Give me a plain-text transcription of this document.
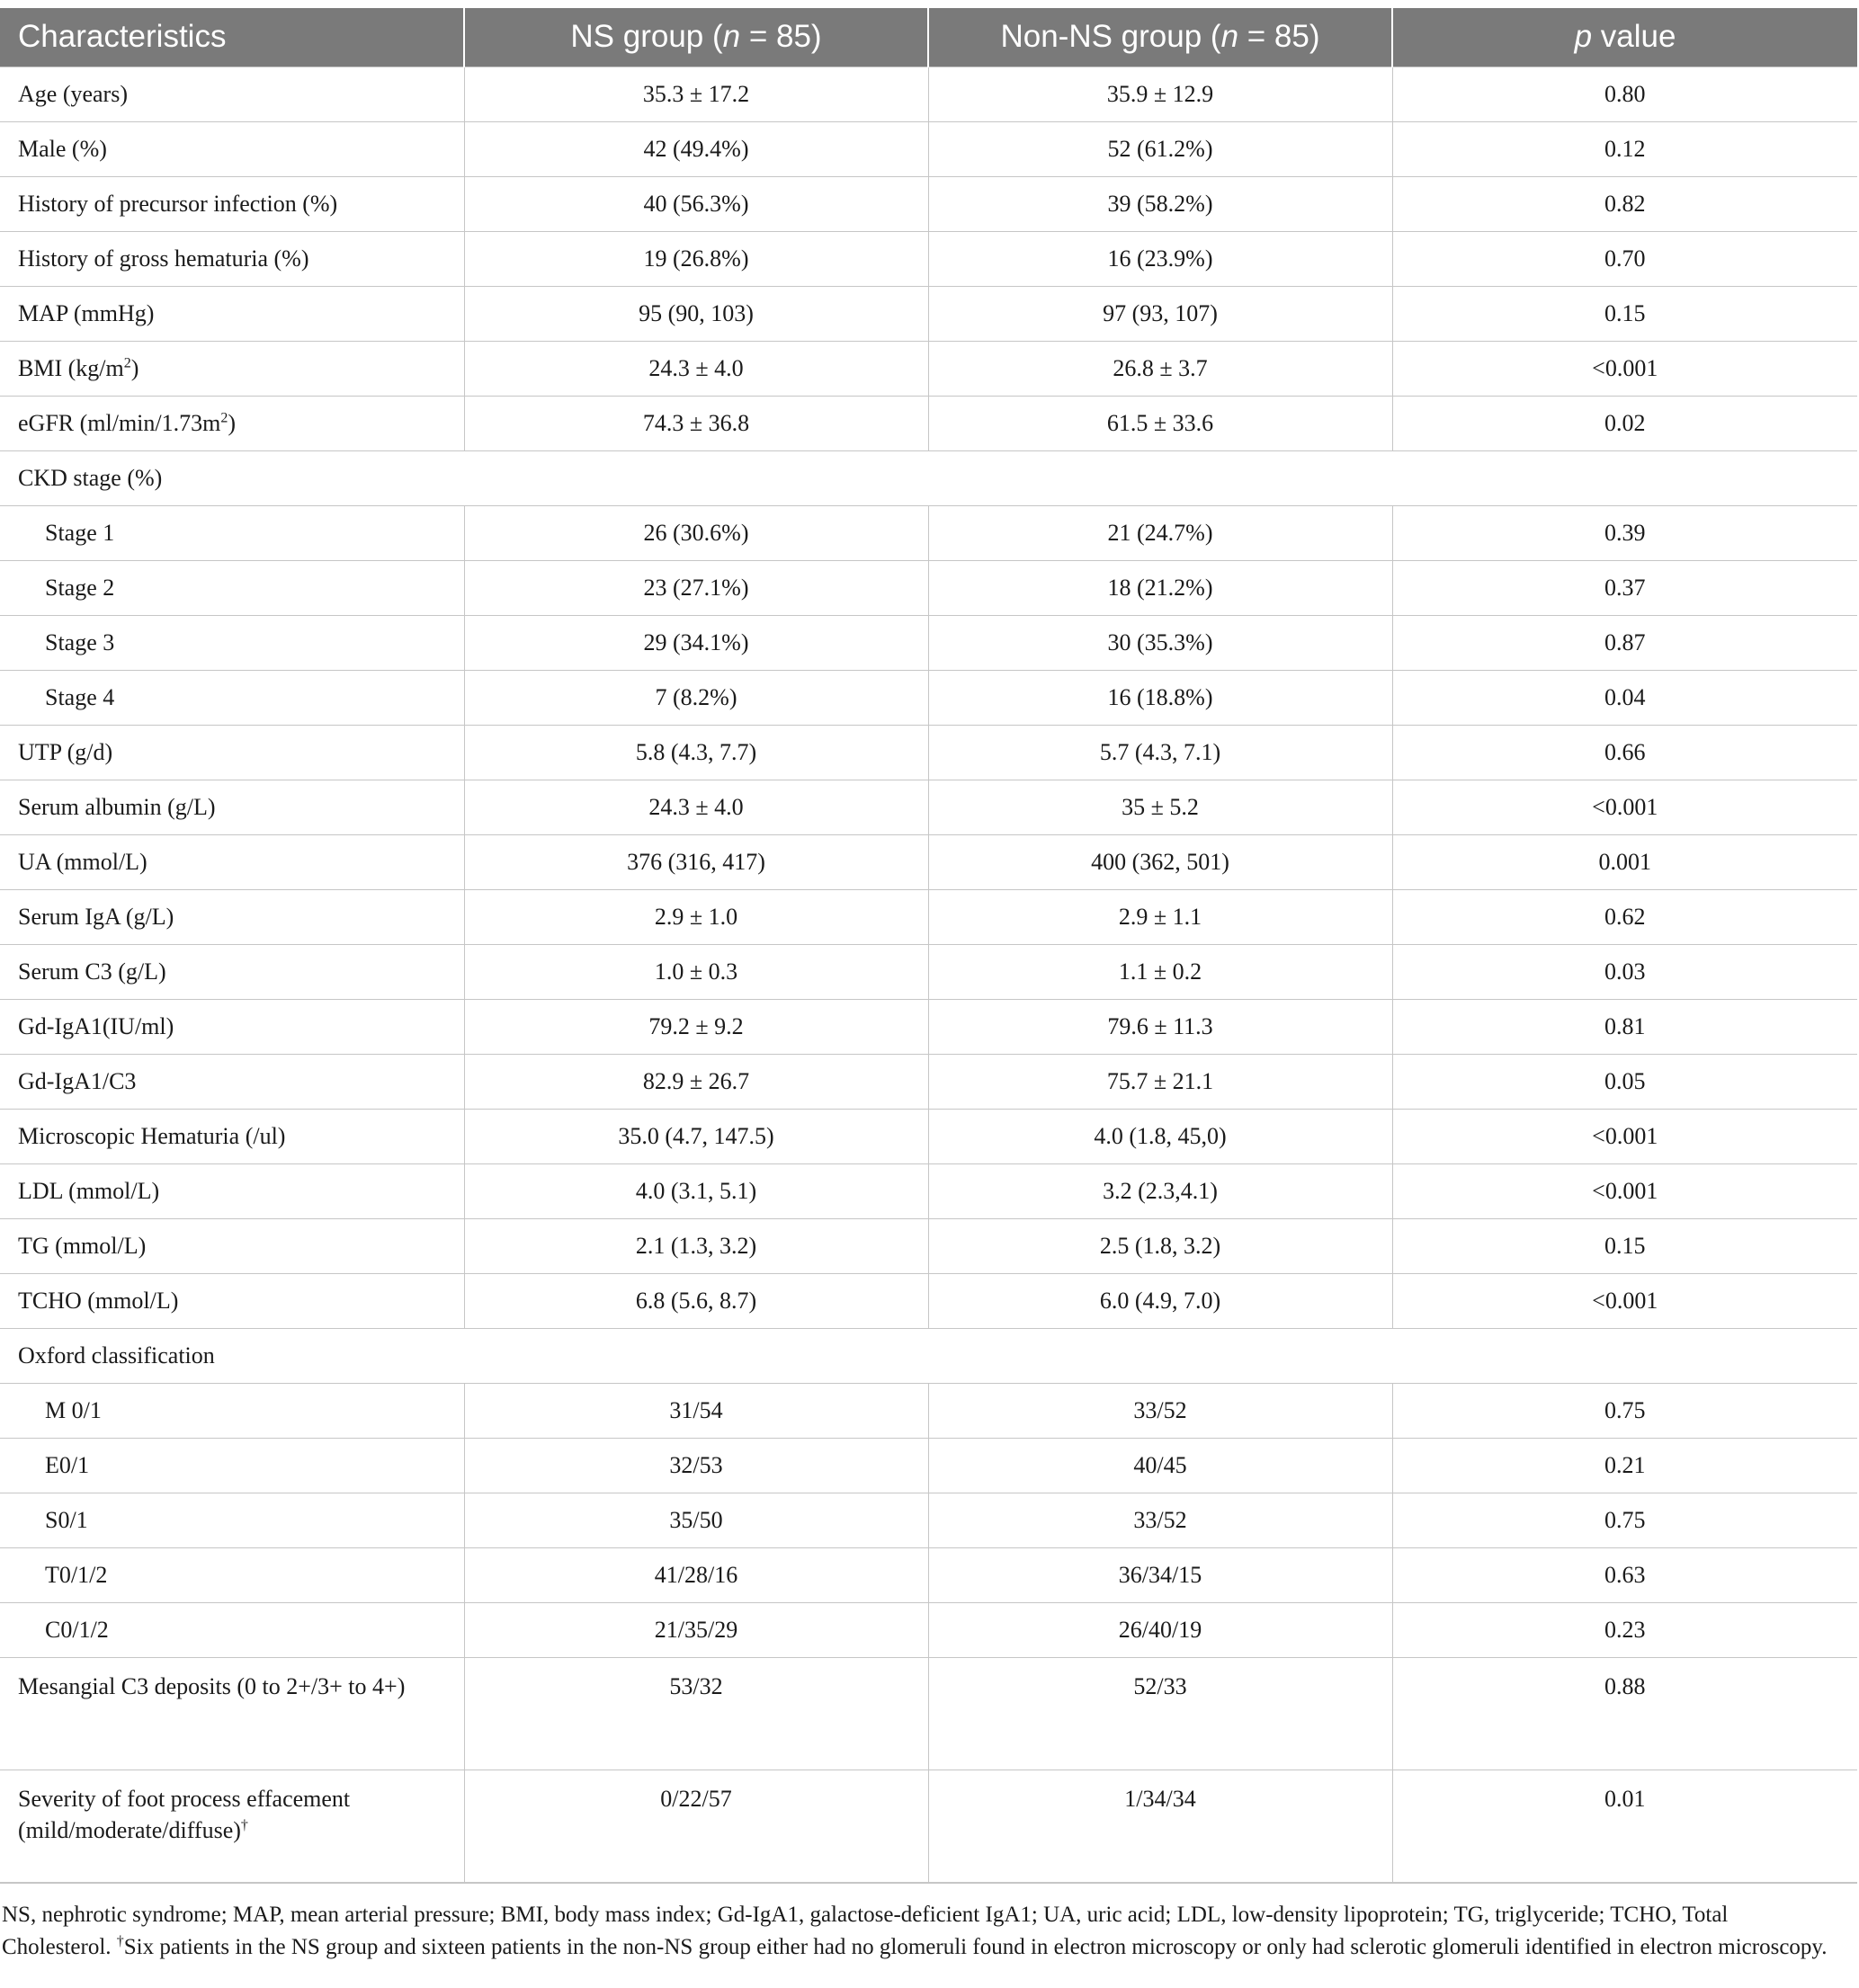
Characteristics	NS group (n = 85)	Non-NS group (n = 85)	p value
Age (years)	35.3 ± 17.2	35.9 ± 12.9	0.80
Male (%)	42 (49.4%)	52 (61.2%)	0.12
History of precursor infection (%)	40 (56.3%)	39 (58.2%)	0.82
History of gross hematuria (%)	19 (26.8%)	16 (23.9%)	0.70
MAP (mmHg)	95 (90, 103)	97 (93, 107)	0.15
BMI $(kg/m^2)$	24.3 ± 4.0	26.8 ± 3.7	<0.001
eGFR $(ml/\min/1.73m^2)$	74.3 ± 36.8	61.5 ± 33.6	0.02
CKD stage (%)			
Stage 1	26 (30.6%)	21 (24.7%)	0.39
Stage 2	23 (27.1%)	18 (21.2%)	0.37
Stage 3	29 (34.1%)	30 (35.3%)	0.87
Stage 4	7 (8.2%)	16 (18.8%)	0.04
UTP (g/d)	5.8 (4.3, 7.7)	5.7 (4.3, 7.1)	0.66
Serum albumin (g/L)	24.3 ± 4.0	35 ± 5.2	<0.001
UA (mmol/L)	376 (316, 417)	400 (362, 501)	0.001
Serum IgA (g/L)	2.9 ± 1.0	2.9 ± 1.1	0.62
Serum C3 (g/L)	1.0 ± 0.3	1.1 ± 0.2	0.03
Gd-IgA1(IU/ml)	79.2 ± 9.2	79.6 ± 11.3	0.81
Gd-IgA1/C3	82.9 ± 26.7	75.7 ± 21.1	0.05
Microscopic Hematuria (/ul)	35.0 (4.7, 147.5)	4.0 (1.8, 45,0)	<0.001
LDL (mmol/L)	4.0 (3.1, 5.1)	3.2 (2.3,4.1)	<0.001
TG (mmol/L)	2.1 (1.3, 3.2)	2.5 (1.8, 3.2)	0.15
TCHO (mmol/L)	6.8 (5.6, 8.7)	6.0 (4.9, 7.0)	<0.001
Oxford classification			
M 0/1	31/54	33/52	0.75
E0/1	32/53	40/45	0.21
S0/1	35/50	33/52	0.75
T0/1/2	41/28/16	36/34/15	0.63
C0/1/2	21/35/29	26/40/19	0.23
Mesangial C3 deposits (0 to 2+/3+ to 4+)	53/32	52/33	0.88
Severity of foot process effacement (mild/moderate/diffuse)†	0/22/57	1/34/34	0.01
NS, nephrotic syndrome; MAP, mean arterial pressure; BMI, body mass index; Gd-IgA1, galactose-deficient IgA1; UA, uric acid; LDL, low-density lipoprotein; TG, triglyceride; TCHO, Total Cholesterol. †Six patients in the NS group and sixteen patients in the non-NS group either had no glomeruli found in electron microscopy or only had sclerotic glomeruli identified in electron microscopy.
